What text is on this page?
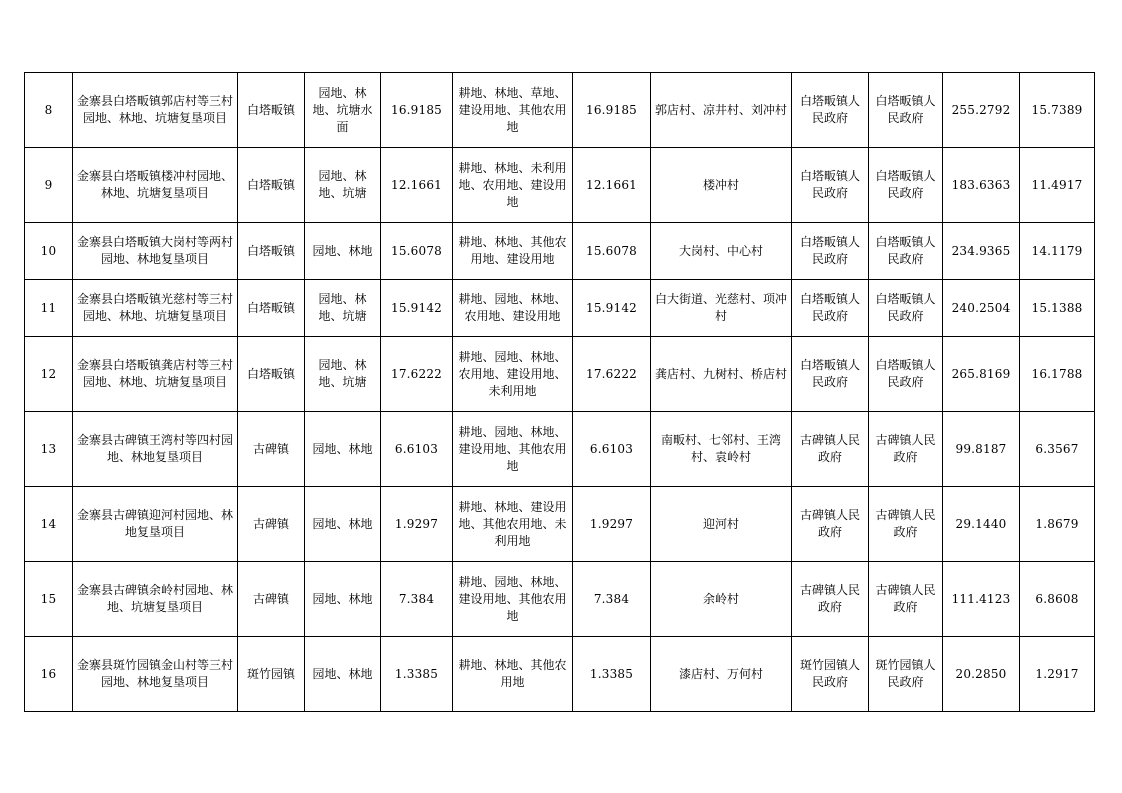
8	金寨县白塔畈镇郭店村等三村园地、林地、坑塘复垦项目	白塔畈镇	园地、林地、坑塘水面	16.9185	耕地、林地、草地、建设用地、其他农用地	16.9185	郭店村、凉井村、刘冲村	白塔畈镇人民政府	白塔畈镇人民政府	255.2792	15.7389
9	金寨县白塔畈镇楼冲村园地、林地、坑塘复垦项目	白塔畈镇	园地、林地、坑塘	12.1661	耕地、林地、未利用地、农用地、建设用地	12.1661	楼冲村	白塔畈镇人民政府	白塔畈镇人民政府	183.6363	11.4917
10	金寨县白塔畈镇大岗村等两村园地、林地复垦项目	白塔畈镇	园地、林地	15.6078	耕地、林地、其他农用地、建设用地	15.6078	大岗村、中心村	白塔畈镇人民政府	白塔畈镇人民政府	234.9365	14.1179
11	金寨县白塔畈镇光慈村等三村园地、林地、坑塘复垦项目	白塔畈镇	园地、林地、坑塘	15.9142	耕地、园地、林地、农用地、建设用地	15.9142	白大街道、光慈村、项冲村	白塔畈镇人民政府	白塔畈镇人民政府	240.2504	15.1388
12	金寨县白塔畈镇龚店村等三村园地、林地、坑塘复垦项目	白塔畈镇	园地、林地、坑塘	17.6222	耕地、园地、林地、农用地、建设用地、未利用地	17.6222	龚店村、九树村、桥店村	白塔畈镇人民政府	白塔畈镇人民政府	265.8169	16.1788
13	金寨县古碑镇王湾村等四村园地、林地复垦项目	古碑镇	园地、林地	6.6103	耕地、园地、林地、建设用地、其他农用地	6.6103	南畈村、七邻村、王湾村、袁岭村	古碑镇人民政府	古碑镇人民政府	99.8187	6.3567
14	金寨县古碑镇迎河村园地、林地复垦项目	古碑镇	园地、林地	1.9297	耕地、林地、建设用地、其他农用地、未利用地	1.9297	迎河村	古碑镇人民政府	古碑镇人民政府	29.1440	1.8679
15	金寨县古碑镇余岭村园地、林地、坑塘复垦项目	古碑镇	园地、林地	7.384	耕地、园地、林地、建设用地、其他农用地	7.384	余岭村	古碑镇人民政府	古碑镇人民政府	111.4123	6.8608
16	金寨县斑竹园镇金山村等三村园地、林地复垦项目	斑竹园镇	园地、林地	1.3385	耕地、林地、其他农用地	1.3385	漆店村、万何村	斑竹园镇人民政府	斑竹园镇人民政府	20.2850	1.2917
